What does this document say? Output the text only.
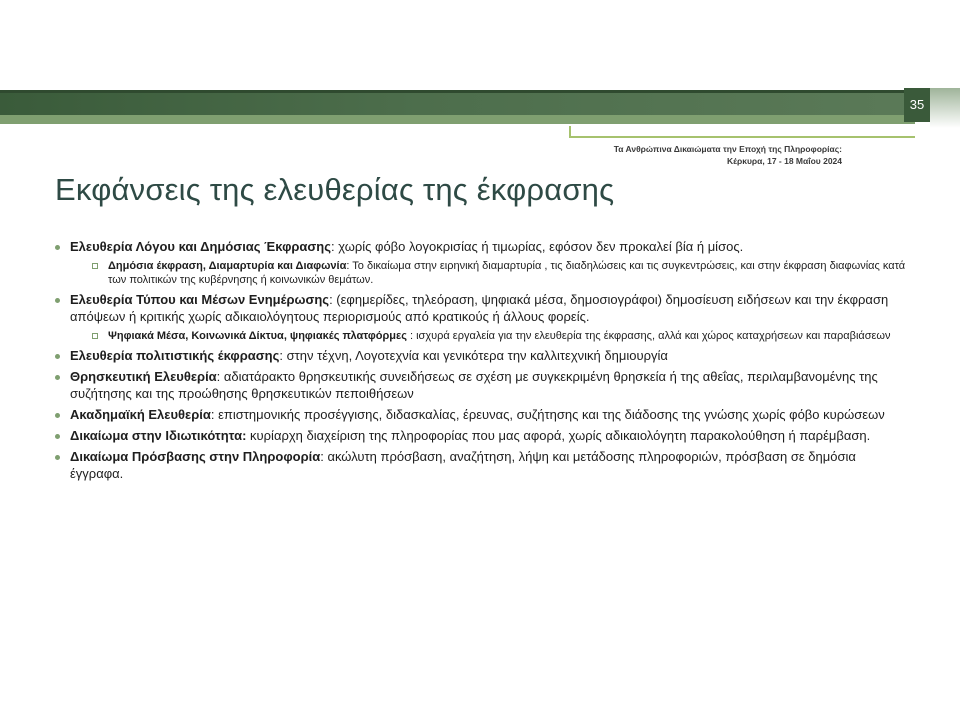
35
Τα Ανθρώπινα Δικαιώματα την Εποχή της Πληροφορίας:
Κέρκυρα, 17 - 18 Μαΐου 2024
Εκφάνσεις της ελευθερίας της έκφρασης
Ελευθερία Λόγου και Δημόσιας Έκφρασης: χωρίς φόβο λογοκρισίας ή τιμωρίας, εφόσον δεν προκαλεί βία ή μίσος.
Δημόσια έκφραση, Διαμαρτυρία και Διαφωνία: Το δικαίωμα στην ειρηνική διαμαρτυρία , τις διαδηλώσεις και τις συγκεντρώσεις, και στην έκφραση διαφωνίας κατά των πολιτικών της κυβέρνησης ή κοινωνικών θεμάτων.
Ελευθερία Τύπου και Μέσων Ενημέρωσης: (εφημερίδες, τηλεόραση, ψηφιακά μέσα, δημοσιογράφοι) δημοσίευση ειδήσεων και την έκφραση απόψεων ή κριτικής χωρίς αδικαιολόγητους περιορισμούς από κρατικούς ή άλλους φορείς.
Ψηφιακά Μέσα, Κοινωνικά Δίκτυα, ψηφιακές πλατφόρμες : ισχυρά εργαλεία για την ελευθερία της έκφρασης, αλλά και χώρος καταχρήσεων και παραβιάσεων
Ελευθερία πολιτιστικής έκφρασης: στην τέχνη, Λογοτεχνία και γενικότερα την καλλιτεχνική δημιουργία
Θρησκευτική Ελευθερία: αδιατάρακτο θρησκευτικής συνειδήσεως σε σχέση με συγκεκριμένη θρησκεία ή της αθεΐας, περιλαμβανομένης της συζήτησης και της προώθησης θρησκευτικών πεποιθήσεων
Ακαδημαϊκή Ελευθερία: επιστημονικής προσέγγισης, διδασκαλίας, έρευνας, συζήτησης και της διάδοσης της γνώσης χωρίς φόβο κυρώσεων
Δικαίωμα στην Ιδιωτικότητα: κυρίαρχη διαχείριση της πληροφορίας που μας αφορά, χωρίς αδικαιολόγητη παρακολούθηση ή παρέμβαση.
Δικαίωμα Πρόσβασης στην Πληροφορία: ακώλυτη πρόσβαση, αναζήτηση, λήψη και μετάδοσης πληροφοριών, πρόσβαση σε δημόσια έγγραφα.
